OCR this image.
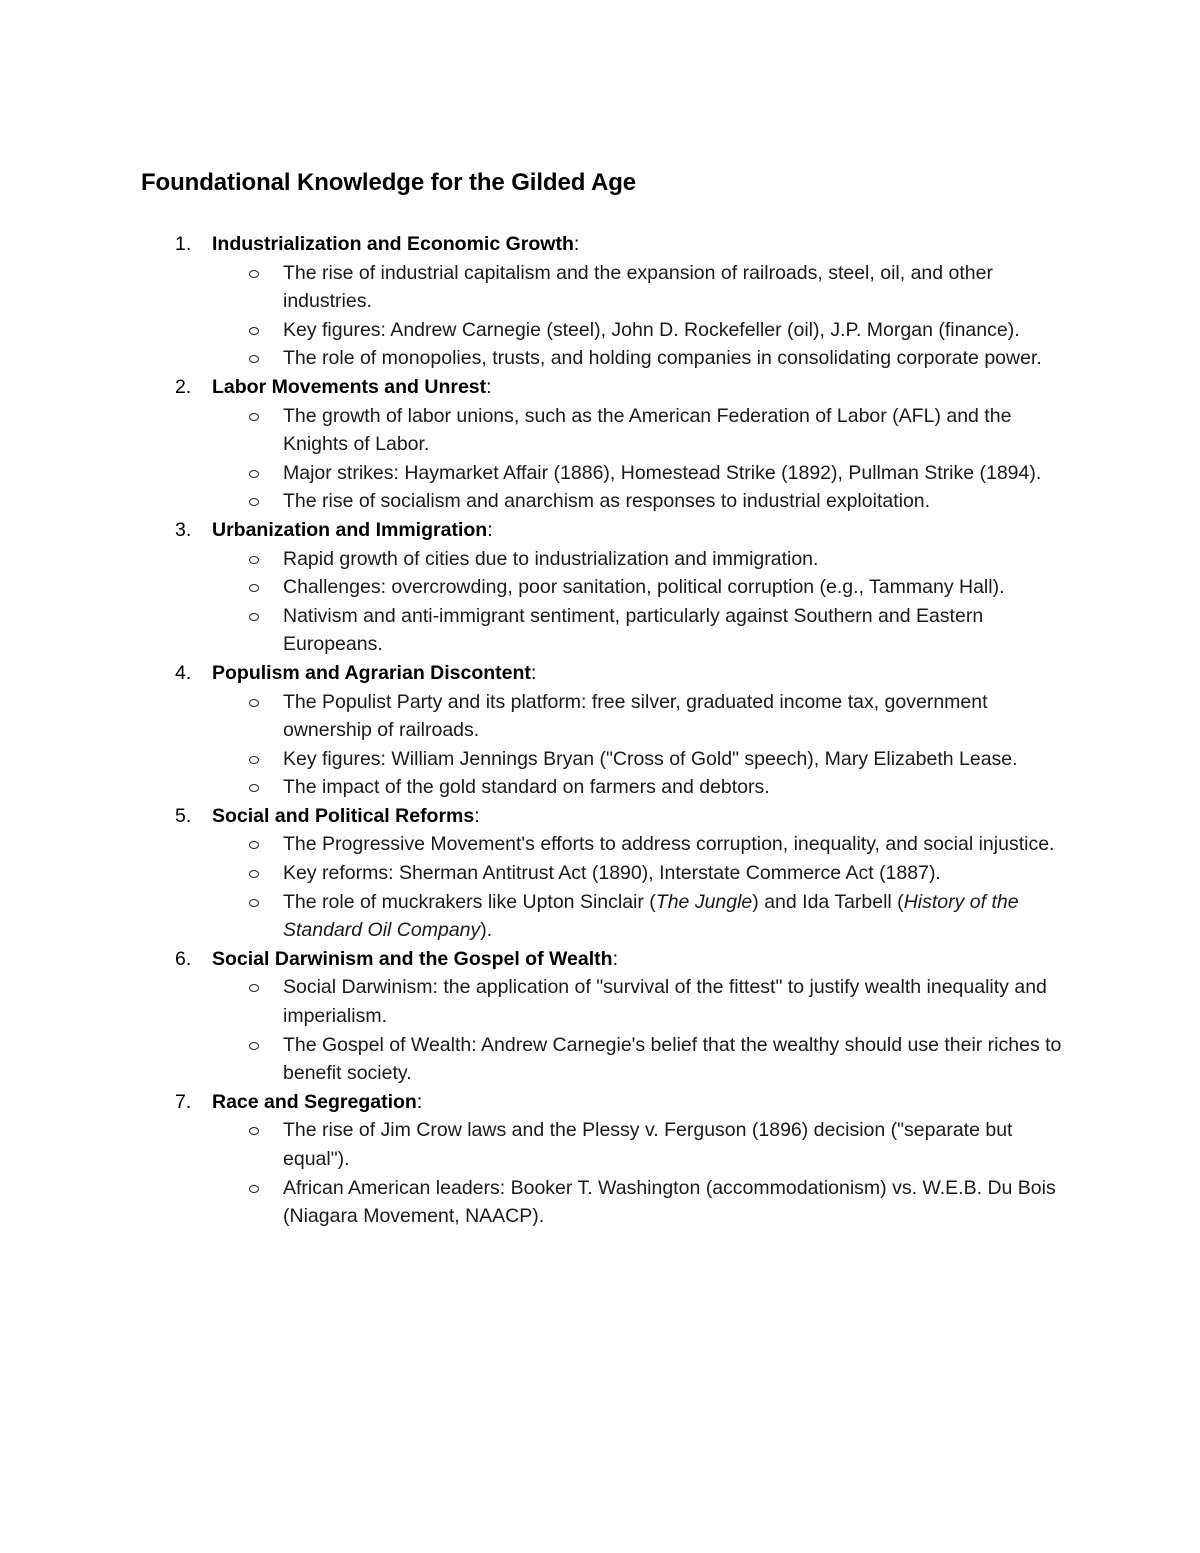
Foundational Knowledge for the Gilded Age
1. Industrialization and Economic Growth:
The rise of industrial capitalism and the expansion of railroads, steel, oil, and other industries.
Key figures: Andrew Carnegie (steel), John D. Rockefeller (oil), J.P. Morgan (finance).
The role of monopolies, trusts, and holding companies in consolidating corporate power.
2. Labor Movements and Unrest:
The growth of labor unions, such as the American Federation of Labor (AFL) and the Knights of Labor.
Major strikes: Haymarket Affair (1886), Homestead Strike (1892), Pullman Strike (1894).
The rise of socialism and anarchism as responses to industrial exploitation.
3. Urbanization and Immigration:
Rapid growth of cities due to industrialization and immigration.
Challenges: overcrowding, poor sanitation, political corruption (e.g., Tammany Hall).
Nativism and anti-immigrant sentiment, particularly against Southern and Eastern Europeans.
4. Populism and Agrarian Discontent:
The Populist Party and its platform: free silver, graduated income tax, government ownership of railroads.
Key figures: William Jennings Bryan ("Cross of Gold" speech), Mary Elizabeth Lease.
The impact of the gold standard on farmers and debtors.
5. Social and Political Reforms:
The Progressive Movement's efforts to address corruption, inequality, and social injustice.
Key reforms: Sherman Antitrust Act (1890), Interstate Commerce Act (1887).
The role of muckrakers like Upton Sinclair (The Jungle) and Ida Tarbell (History of the Standard Oil Company).
6. Social Darwinism and the Gospel of Wealth:
Social Darwinism: the application of "survival of the fittest" to justify wealth inequality and imperialism.
The Gospel of Wealth: Andrew Carnegie's belief that the wealthy should use their riches to benefit society.
7. Race and Segregation:
The rise of Jim Crow laws and the Plessy v. Ferguson (1896) decision ("separate but equal").
African American leaders: Booker T. Washington (accommodationism) vs. W.E.B. Du Bois (Niagara Movement, NAACP).
